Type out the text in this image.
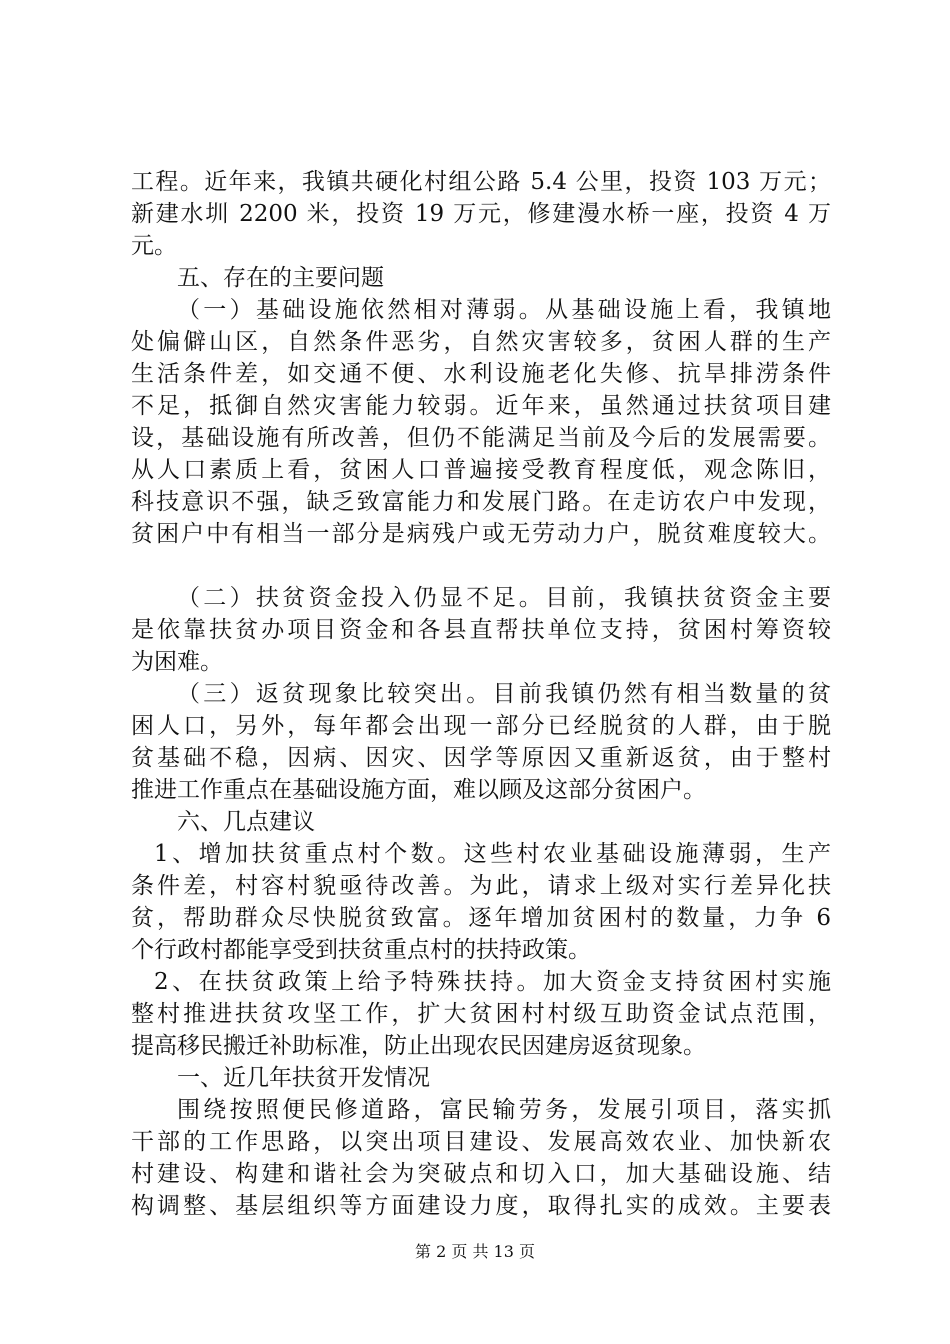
工程。近年来，我镇共硬化村组公路 5.4 公里，投资 103 万元；
新建水圳 2200 米，投资 19 万元，修建漫水桥一座，投资 4 万
元。
五、存在的主要问题
（一）基础设施依然相对薄弱。从基础设施上看，我镇地
处偏僻山区，自然条件恶劣，自然灾害较多，贫困人群的生产
生活条件差，如交通不便、水利设施老化失修、抗旱排涝条件
不足，抵御自然灾害能力较弱。近年来，虽然通过扶贫项目建
设，基础设施有所改善，但仍不能满足当前及今后的发展需要。
从人口素质上看，贫困人口普遍接受教育程度低，观念陈旧，
科技意识不强，缺乏致富能力和发展门路。在走访农户中发现，
贫困户中有相当一部分是病残户或无劳动力户，脱贫难度较大。
（二）扶贫资金投入仍显不足。目前，我镇扶贫资金主要
是依靠扶贫办项目资金和各县直帮扶单位支持，贫困村筹资较
为困难。
（三）返贫现象比较突出。目前我镇仍然有相当数量的贫
困人口，另外，每年都会出现一部分已经脱贫的人群，由于脱
贫基础不稳，因病、因灾、因学等原因又重新返贫，由于整村
推进工作重点在基础设施方面，难以顾及这部分贫困户。
六、几点建议
1、增加扶贫重点村个数。这些村农业基础设施薄弱，生产
条件差，村容村貌亟待改善。为此，请求上级对实行差异化扶
贫，帮助群众尽快脱贫致富。逐年增加贫困村的数量，力争 6
个行政村都能享受到扶贫重点村的扶持政策。
2、在扶贫政策上给予特殊扶持。加大资金支持贫困村实施
整村推进扶贫攻坚工作，扩大贫困村村级互助资金试点范围，
提高移民搬迁补助标准，防止出现农民因建房返贫现象。
一、近几年扶贫开发情况
围绕按照便民修道路，富民输劳务，发展引项目，落实抓
干部的工作思路，以突出项目建设、发展高效农业、加快新农
村建设、构建和谐社会为突破点和切入口，加大基础设施、结
构调整、基层组织等方面建设力度，取得扎实的成效。主要表
第 2 页 共 13 页
